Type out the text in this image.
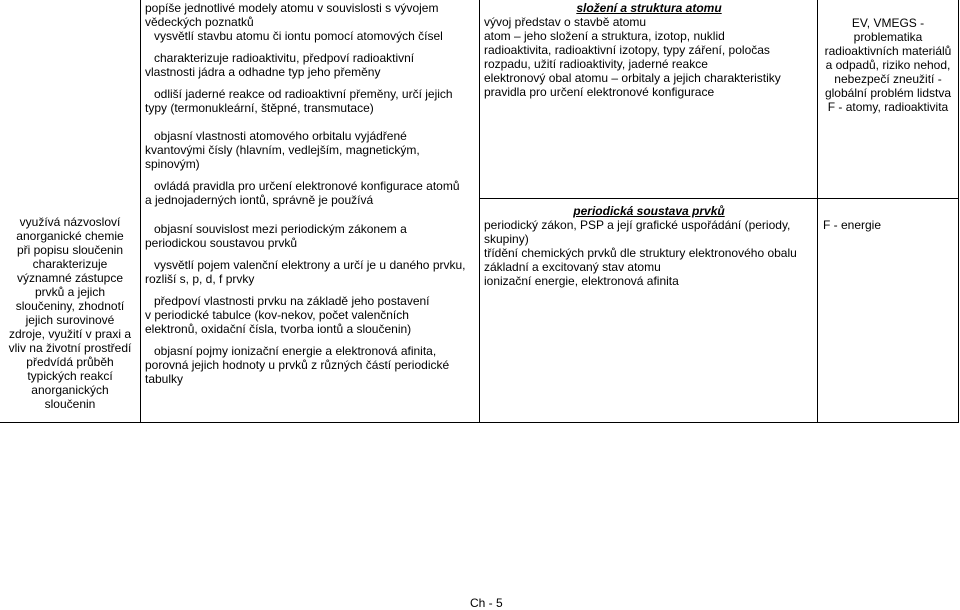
popíše jednotlivé modely atomu v souvislosti s vývojem

vědeckých poznatků

vysvětlí stavbu atomu či iontu pomocí atomových čísel

charakterizuje radioaktivitu, předpoví radioaktivní

vlastnosti jádra a odhadne typ jeho přeměny

odliší jaderné reakce od radioaktivní přeměny, určí jejich

typy (termonukleární, štěpné, transmutace)

objasní vlastnosti atomového orbitalu vyjádřené

kvantovými čísly (hlavním, vedlejším, magnetickým,

spinovým)

ovládá pravidla pro určení elektronové konfigurace atomů

a jednojaderných iontů, správně je používá

složení a struktura atomu

vývoj představ o stavbě atomu

atom – jeho složení a struktura, izotop, nuklid

radioaktivita, radioaktivní izotopy, typy záření, poločas

rozpadu, užití radioaktivity, jaderné reakce

elektronový obal atomu – orbitaly a jejich charakteristiky

pravidla pro určení elektronové konfigurace

EV, VMEGS -

problematika

radioaktivních materiálů

a odpadů, riziko nehod,

nebezpečí zneužití -

globální problém lidstva

F - atomy, radioaktivita

využívá názvosloví

anorganické chemie

při popisu sloučenin

charakterizuje

významné zástupce

prvků a jejich

sloučeniny, zhodnotí

jejich surovinové

zdroje, využití v praxi a

vliv na životní prostředí

předvídá průběh

typických reakcí

anorganických

sloučenin

objasní souvislost mezi periodickým zákonem a

periodickou soustavou prvků

vysvětlí pojem valenční elektrony a určí je u daného prvku,

rozliší s, p, d, f prvky

předpoví vlastnosti prvku na základě jeho postavení

v periodické tabulce (kov-nekov, počet valenčních

elektronů, oxidační čísla, tvorba iontů a sloučenin)

objasní pojmy ionizační energie a elektronová afinita,

porovná jejich hodnoty u prvků z různých částí periodické

tabulky

periodická soustava prvků

periodický zákon, PSP a její grafické uspořádání (periody,

skupiny)

třídění chemických prvků dle struktury elektronového obalu

základní a excitovaný stav atomu

ionizační energie, elektronová afinita

F - energie

Ch - 5
